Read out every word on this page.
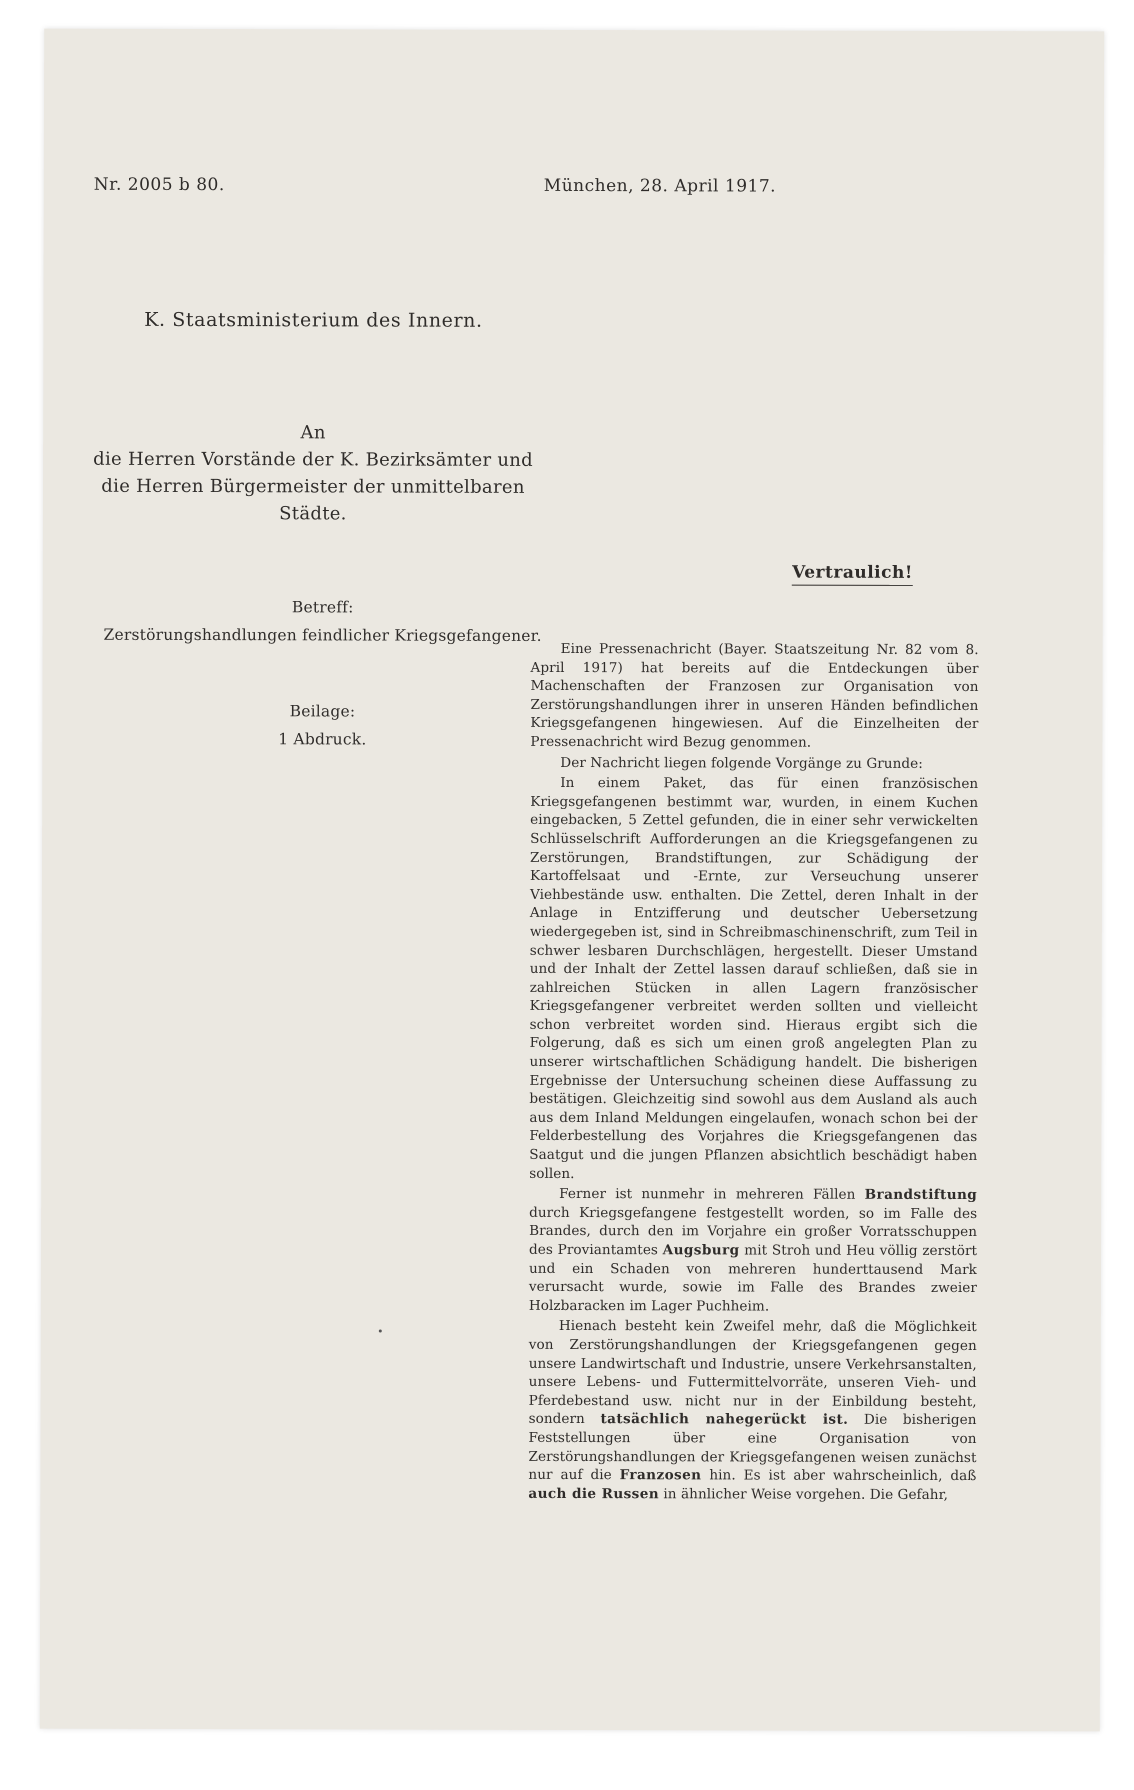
Nr. 2005 b 80.	München, 28. April 1917.
K. Staatsministerium des Innern.
An
die Herren Vorstände der K. Bezirksämter und
die Herren Bürgermeister der unmittelbaren
Städte.
Vertraulich!
Betreff:
Zerstörungshandlungen feindlicher Kriegsgefangener.
Beilage:
1 Abdruck.

Eine Pressenachricht (Bayer. Staatszeitung Nr. 82 vom 8. April 1917) hat bereits auf die Entdeckungen über Machenschaften der Franzosen zur Organisation von Zerstörungshandlungen ihrer in unseren Händen befindlichen Kriegsgefangenen hingewiesen. Auf die Einzelheiten der Pressenachricht wird Bezug genommen.

Der Nachricht liegen folgende Vorgänge zu Grunde:

In einem Paket, das für einen französischen Kriegsgefangenen bestimmt war, wurden, in einem Kuchen eingebacken, 5 Zettel gefunden, die in einer sehr verwickelten Schlüsselschrift Aufforderungen an die Kriegsgefangenen zu Zerstörungen, Brandstiftungen, zur Schädigung der Kartoffelsaat und -Ernte, zur Verseuchung unserer Viehbestände usw. enthalten. Die Zettel, deren Inhalt in der Anlage in Entzifferung und deutscher Uebersetzung wiedergegeben ist, sind in Schreibmaschinenschrift, zum Teil in schwer lesbaren Durchschlägen, hergestellt. Dieser Umstand und der Inhalt der Zettel lassen darauf schließen, daß sie in zahlreichen Stücken in allen Lagern französischer Kriegsgefangener verbreitet werden sollten und vielleicht schon verbreitet worden sind. Hieraus ergibt sich die Folgerung, daß es sich um einen groß angelegten Plan zu unserer wirtschaftlichen Schädigung handelt. Die bisherigen Ergebnisse der Untersuchung scheinen diese Auffassung zu bestätigen. Gleichzeitig sind sowohl aus dem Ausland als auch aus dem Inland Meldungen eingelaufen, wonach schon bei der Felderbestellung des Vorjahres die Kriegsgefangenen das Saatgut und die jungen Pflanzen absichtlich beschädigt haben sollen.

Ferner ist nunmehr in mehreren Fällen Brandstiftung durch Kriegsgefangene festgestellt worden, so im Falle des Brandes, durch den im Vorjahre ein großer Vorratsschuppen des Proviantamtes Augsburg mit Stroh und Heu völlig zerstört und ein Schaden von mehreren hunderttausend Mark verursacht wurde, sowie im Falle des Brandes zweier Holzbaracken im Lager Puchheim.

Hienach besteht kein Zweifel mehr, daß die Möglichkeit von Zerstörungshandlungen der Kriegsgefangenen gegen unsere Landwirtschaft und Industrie, unsere Verkehrsanstalten, unsere Lebens- und Futtermittelvorräte, unseren Vieh- und Pferdebestand usw. nicht nur in der Einbildung besteht, sondern tatsächlich nahegerückt ist. Die bisherigen Feststellungen über eine Organisation von Zerstörungshandlungen der Kriegsgefangenen weisen zunächst nur auf die Franzosen hin. Es ist aber wahrscheinlich, daß auch die Russen in ähnlicher Weise vorgehen. Die Gefahr,
